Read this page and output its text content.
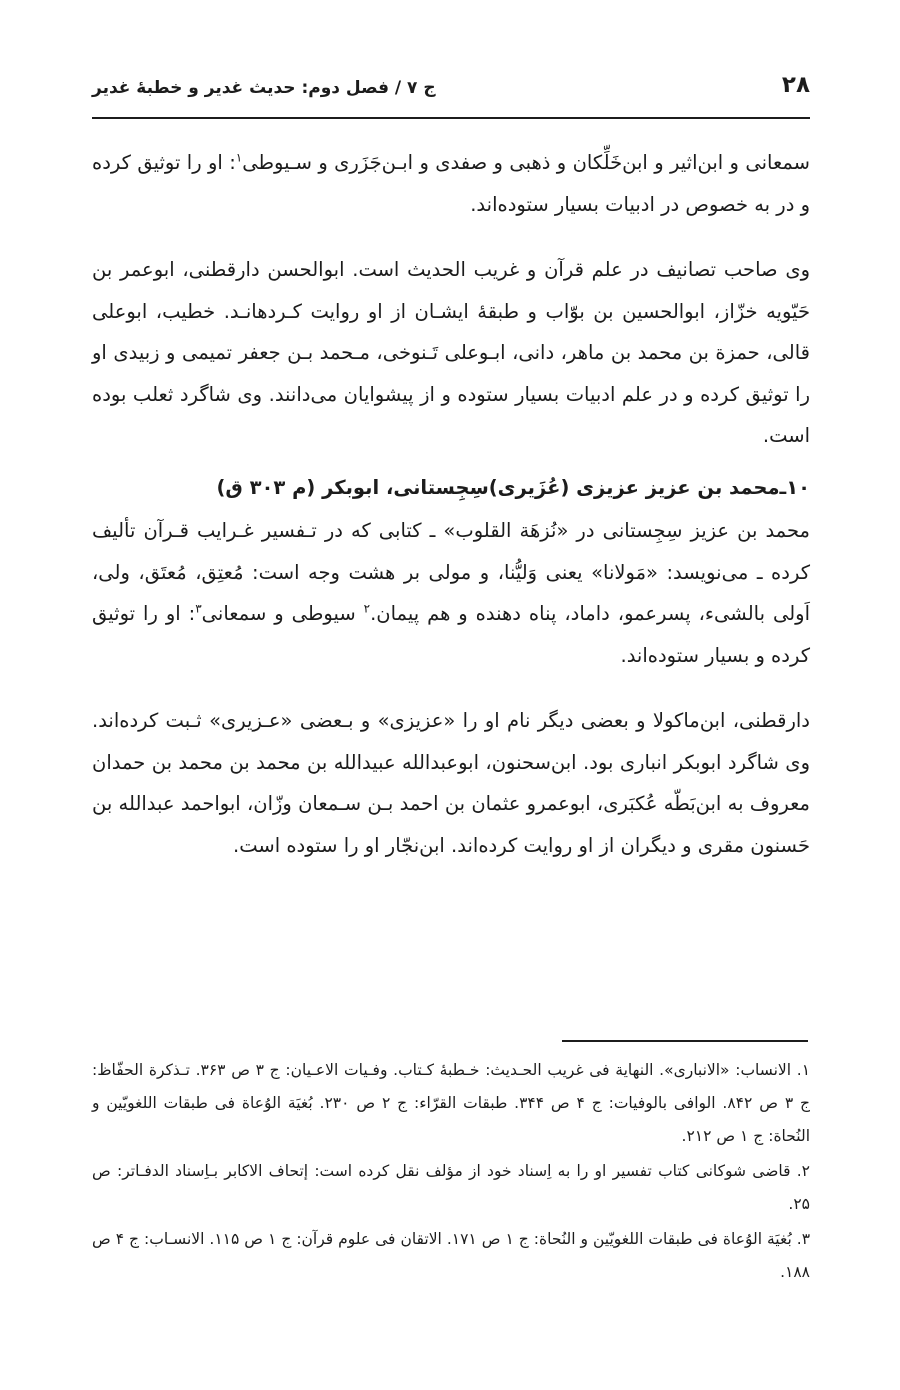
۲۸
ج ۷ / فصل دوم: حدیث غدیر و خطبهٔ غدیر

سمعانی و ابن‌اثیر و ابن‌خَلِّکان و ذهبی و صفدی و ابـن‌جَزَری و سـیوطی$^۱$: او را توثیق کرده و در به خصوص در ادبیات بسیار ستوده‌اند.

وی صاحب تصانیف در علم قرآن و غریب الحدیث است. ابوالحسن دارقطنی، ابوعمر بن حَیّویه خزّاز، ابوالحسین بن بوّاب و طبقهٔ ایشـان از او روایت کـردهانـد. خطیب، ابوعلی قالی، حمزة بن محمد بن ماهر، دانی، ابـوعلی تَـنوخی، مـحمد بـن جعفر تمیمی و زبیدی او را توثیق کرده و در علم ادبیات بسیار ستوده و از پیشوایان می‌دانند. وی شاگرد ثعلب بوده است.

۱۰ـ‌محمد بن عزیز عزیزی (عُزَیری)سِجِستانی، ابوبکر (م ۳۰۳ ق)

محمد بن عزیز سِجِستانی در «نُزهَة القلوب» ـ کتابی که در تـفسیر غـرایب قـرآن تألیف کرده ـ می‌نویسد: «مَولانا» یعنی وَلیُّنا، و مولی بر هشت وجه است: مُعتِق، مُعتَق، ولی، اَولی بالشیء، پسرعمو، داماد، پناه دهنده و هم پیمان.$^۲$ سیوطی و سمعانی$^۳$: او را توثیق کرده و بسیار ستوده‌اند.

دارقطنی، ابن‌ماکولا و بعضی دیگر نام او را «عزیزی» و بـعضی «عـزیری» ثـبت کرده‌اند. وی شاگرد ابوبکر انباری بود. ابن‌سحنون، ابوعبدالله عبیدالله بن محمد بن محمد بن حمدان معروف به ابن‌بَطّه عُکبَری، ابوعمرو عثمان بن احمد بـن سـمعان وزّان، ابواحمد عبدالله بن حَسنون مقری و دیگران از او روایت کرده‌اند. ابن‌نجّار او را ستوده است.

۱. الانساب: «الانباری». النهایة فی غریب الحـدیث: خـطبهٔ کـتاب. وفـیات الاعـیان: ج ۳ ص ۳۶۳. تـذکرة الحفّاظ: ج ۳ ص ۸۴۲. الوافی بالوفیات: ج ۴ ص ۳۴۴. طبقات القرّاء: ج ۲ ص ۲۳۰. بُغیَة الوُعاة فی طبقات اللغویّین و النُحاة: ج ۱ ص ۲۱۲.

۲. قاضی شوکانی کتاب تفسیر او را به اِسناد خود از مؤلف نقل کرده است: إتحاف الاکابر بـاِسناد الدفـاتر: ص ۲۵.

۳. بُغیَة الوُعاة فی طبقات اللغویّین و النُحاة: ج ۱ ص ۱۷۱. الاتقان فی علوم قرآن: ج ۱ ص ۱۱۵. الانسـاب: ج ۴ ص ۱۸۸.
